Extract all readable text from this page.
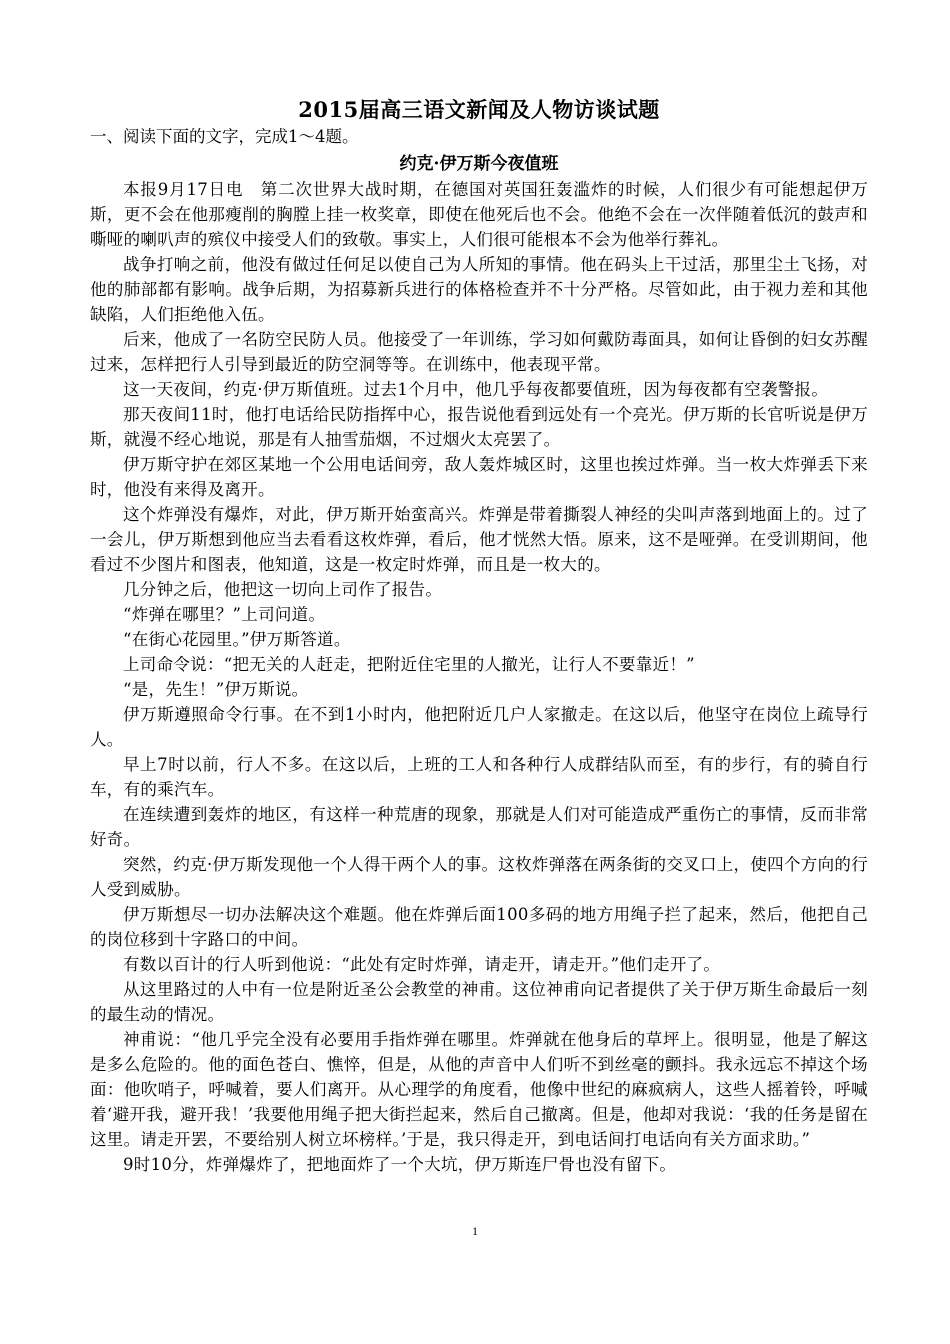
2015届高三语文新闻及人物访谈试题

一、阅读下面的文字，完成1～4题。

约克·伊万斯今夜值班

本报9月17日电　第二次世界大战时期，在德国对英国狂轰滥炸的时候，人们很少有可能想起伊万斯，更不会在他那瘦削的胸膛上挂一枚奖章，即使在他死后也不会。他绝不会在一次伴随着低沉的鼓声和嘶哑的喇叭声的殡仪中接受人们的致敬。事实上，人们很可能根本不会为他举行葬礼。

战争打响之前，他没有做过任何足以使自己为人所知的事情。他在码头上干过活，那里尘土飞扬，对他的肺部都有影响。战争后期，为招募新兵进行的体格检查并不十分严格。尽管如此，由于视力差和其他缺陷，人们拒绝他入伍。

后来，他成了一名防空民防人员。他接受了一年训练，学习如何戴防毒面具，如何让昏倒的妇女苏醒过来，怎样把行人引导到最近的防空洞等等。在训练中，他表现平常。

这一天夜间，约克·伊万斯值班。过去1个月中，他几乎每夜都要值班，因为每夜都有空袭警报。

那天夜间11时，他打电话给民防指挥中心，报告说他看到远处有一个亮光。伊万斯的长官听说是伊万斯，就漫不经心地说，那是有人抽雪茄烟，不过烟火太亮罢了。

伊万斯守护在郊区某地一个公用电话间旁，敌人轰炸城区时，这里也挨过炸弹。当一枚大炸弹丢下来时，他没有来得及离开。

这个炸弹没有爆炸，对此，伊万斯开始蛮高兴。炸弹是带着撕裂人神经的尖叫声落到地面上的。过了一会儿，伊万斯想到他应当去看看这枚炸弹，看后，他才恍然大悟。原来，这不是哑弹。在受训期间，他看过不少图片和图表，他知道，这是一枚定时炸弹，而且是一枚大的。

几分钟之后，他把这一切向上司作了报告。

“炸弹在哪里？”上司问道。

“在街心花园里。”伊万斯答道。

上司命令说：“把无关的人赶走，把附近住宅里的人撤光，让行人不要靠近！”

“是，先生！”伊万斯说。

伊万斯遵照命令行事。在不到1小时内，他把附近几户人家撤走。在这以后，他坚守在岗位上疏导行人。

早上7时以前，行人不多。在这以后，上班的工人和各种行人成群结队而至，有的步行，有的骑自行车，有的乘汽车。

在连续遭到轰炸的地区，有这样一种荒唐的现象，那就是人们对可能造成严重伤亡的事情，反而非常好奇。

突然，约克·伊万斯发现他一个人得干两个人的事。这枚炸弹落在两条街的交叉口上，使四个方向的行人受到威胁。

伊万斯想尽一切办法解决这个难题。他在炸弹后面100多码的地方用绳子拦了起来，然后，他把自己的岗位移到十字路口的中间。

有数以百计的行人听到他说：“此处有定时炸弹，请走开，请走开。”他们走开了。

从这里路过的人中有一位是附近圣公会教堂的神甫。这位神甫向记者提供了关于伊万斯生命最后一刻的最生动的情况。

神甫说：“他几乎完全没有必要用手指炸弹在哪里。炸弹就在他身后的草坪上。很明显，他是了解这是多么危险的。他的面色苍白、憔悴，但是，从他的声音中人们听不到丝毫的颤抖。我永远忘不掉这个场面：他吹哨子，呼喊着，要人们离开。从心理学的角度看，他像中世纪的麻疯病人，这些人摇着铃，呼喊着‘避开我，避开我！’我要他用绳子把大街拦起来，然后自己撤离。但是，他却对我说：‘我的任务是留在这里。请走开罢，不要给别人树立坏榜样。’于是，我只得走开，到电话间打电话向有关方面求助。”

9时10分，炸弹爆炸了，把地面炸了一个大坑，伊万斯连尸骨也没有留下。

1
